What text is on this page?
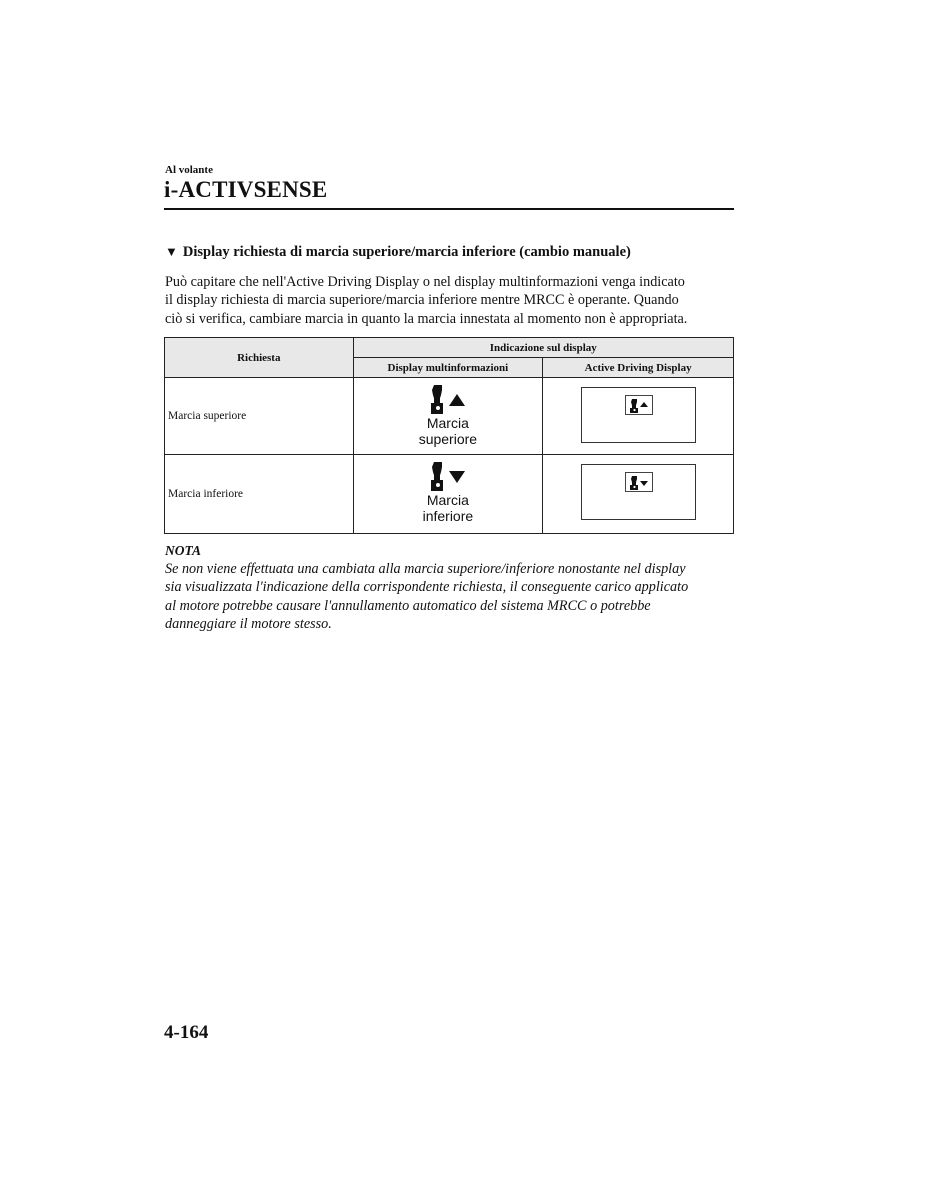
Al volante
i-ACTIVSENSE
▼ Display richiesta di marcia superiore/marcia inferiore (cambio manuale)

Può capitare che nell'Active Driving Display o nel display multinformazioni venga indicato

il display richiesta di marcia superiore/marcia inferiore mentre MRCC è operante. Quando

ciò si verifica, cambiare marcia in quanto la marcia innestata al momento non è appropriata.

Richiesta	Indicazione sul display	
	Display multinformazioni	Active Driving Display
Marcia superiore	Marcia
superiore

Marcia inferiore	Marcia
inferiore

NOTA

Se non viene effettuata una cambiata alla marcia superiore/inferiore nonostante nel display

sia visualizzata l'indicazione della corrispondente richiesta, il conseguente carico applicato

al motore potrebbe causare l'annullamento automatico del sistema MRCC o potrebbe

danneggiare il motore stesso.

4-164
